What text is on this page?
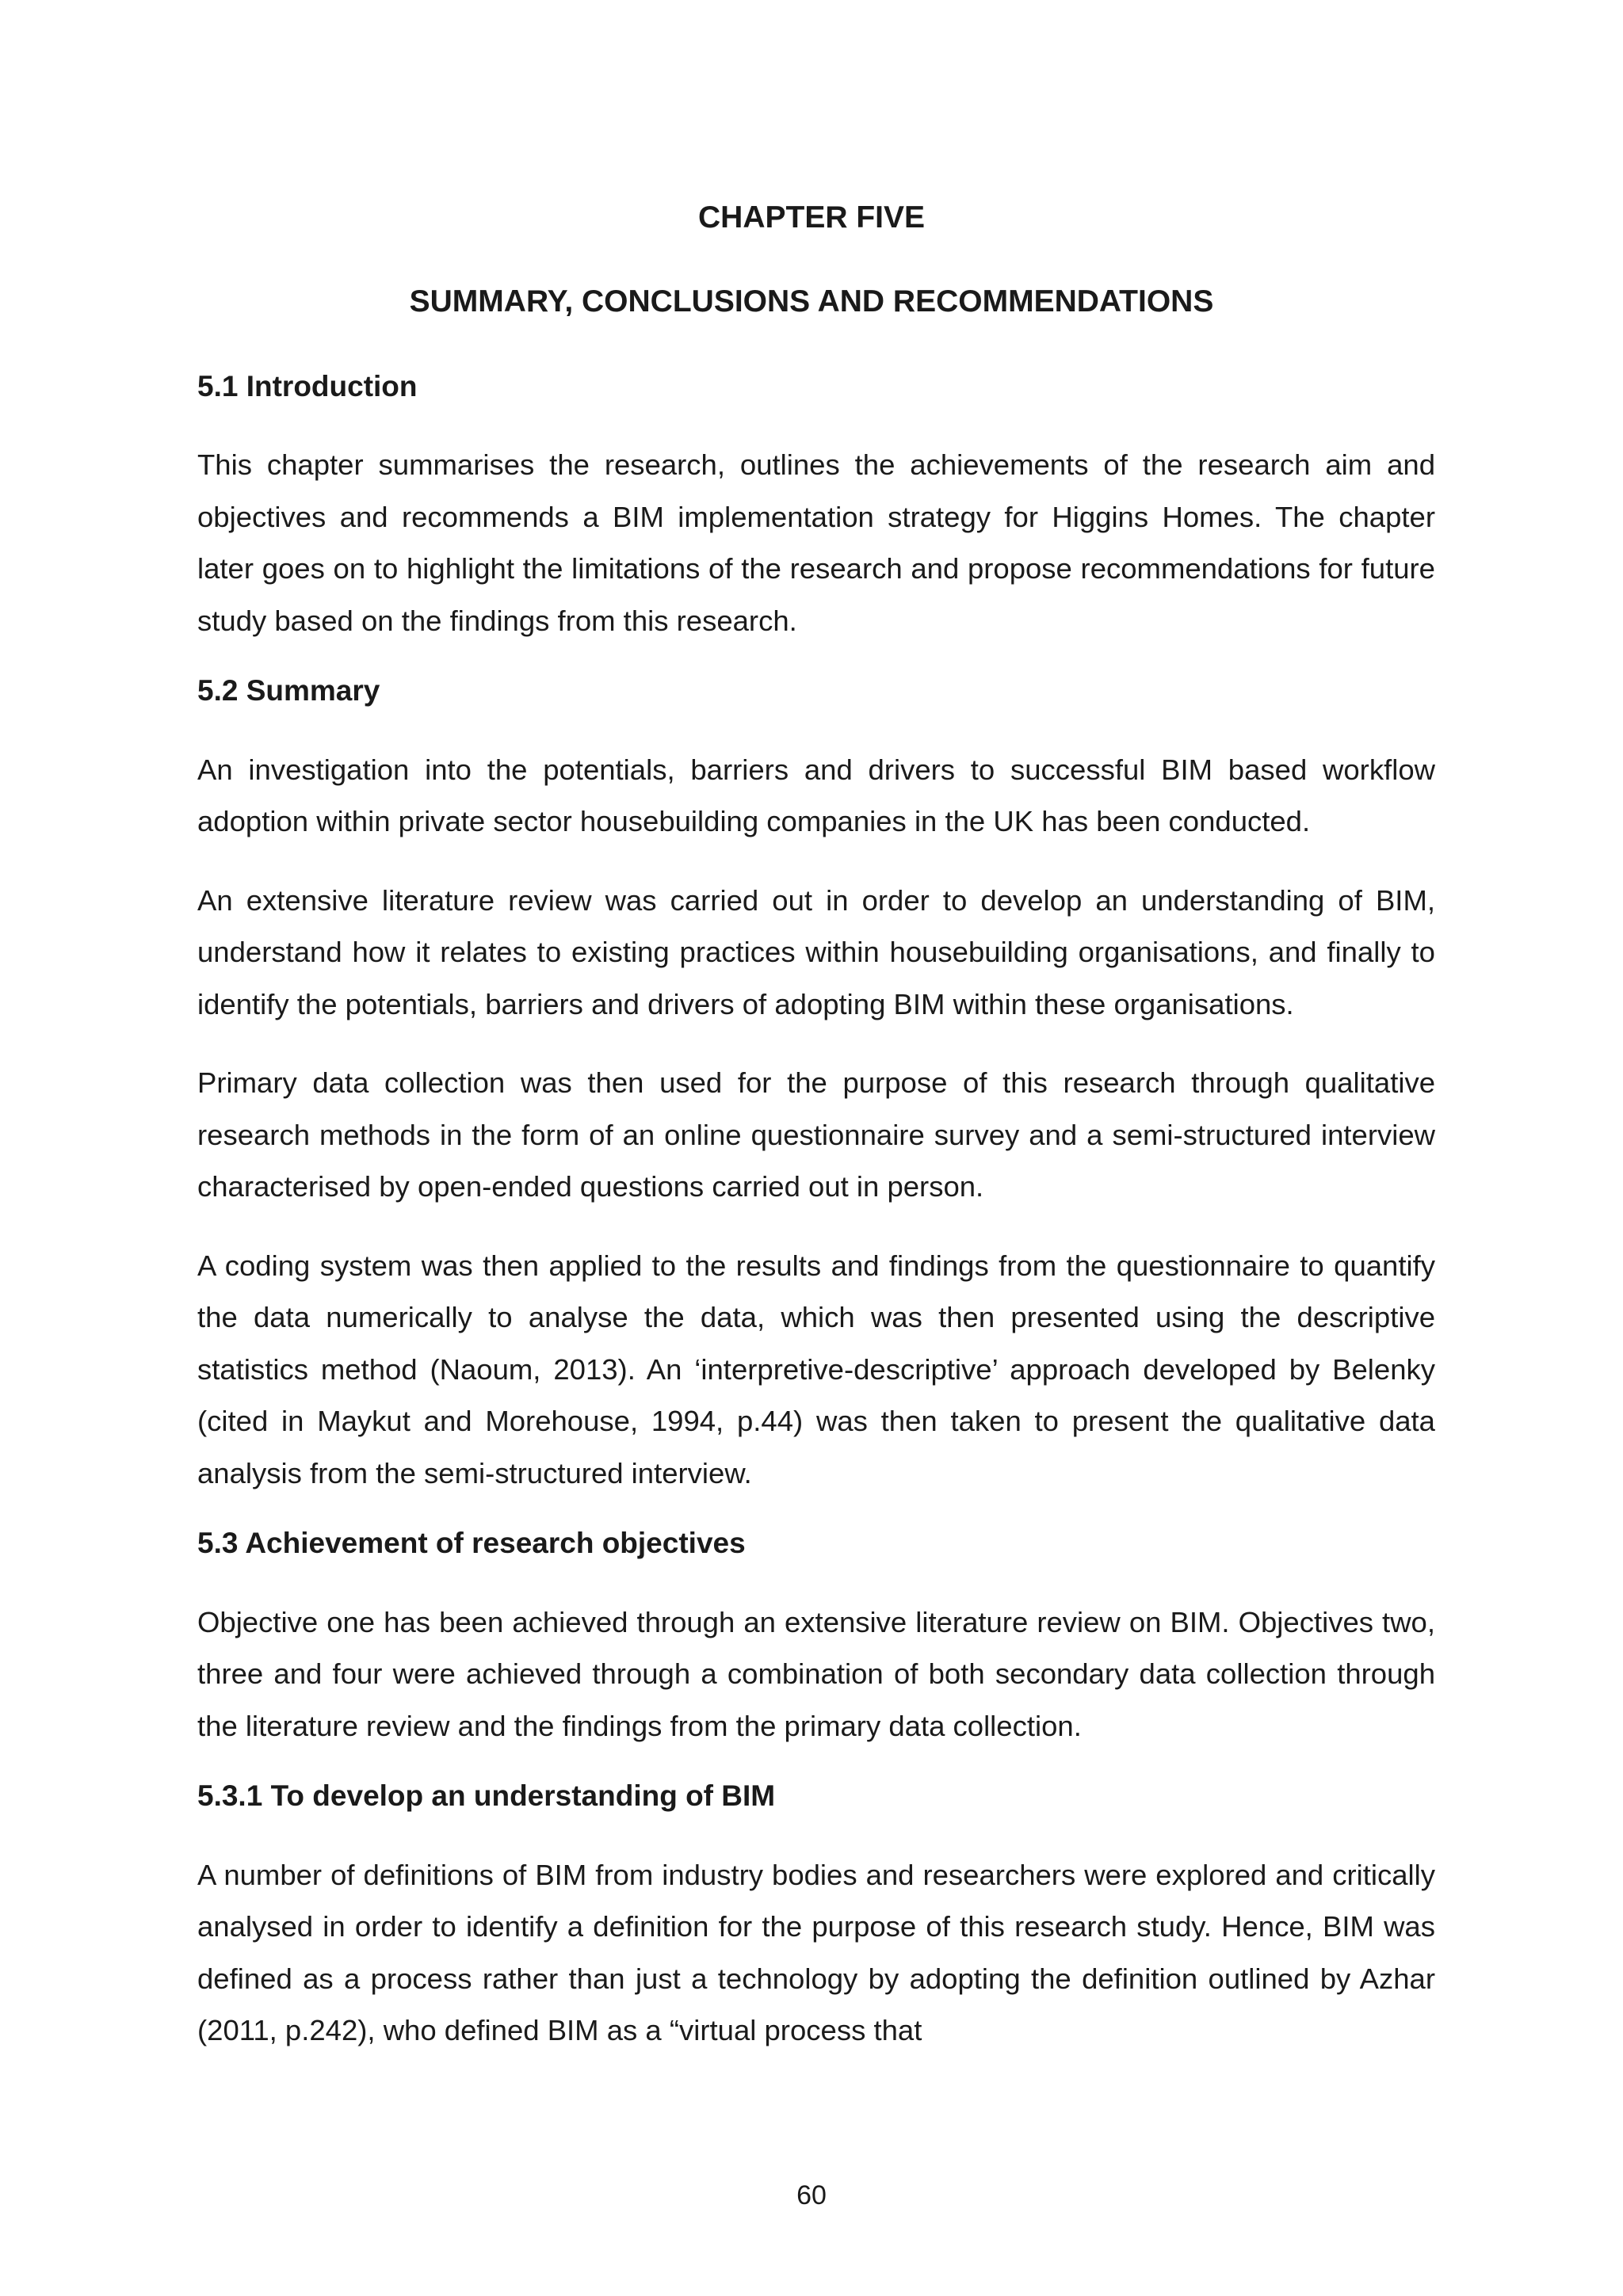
CHAPTER FIVE
SUMMARY, CONCLUSIONS AND RECOMMENDATIONS
5.1 Introduction

This chapter summarises the research, outlines the achievements of the research aim and objectives and recommends a BIM implementation strategy for Higgins Homes. The chapter later goes on to highlight the limitations of the research and propose recommendations for future study based on the findings from this research.

5.2 Summary

An investigation into the potentials, barriers and drivers to successful BIM based workflow adoption within private sector housebuilding companies in the UK has been conducted.

An extensive literature review was carried out in order to develop an understanding of BIM, understand how it relates to existing practices within housebuilding organisations, and finally to identify the potentials, barriers and drivers of adopting BIM within these organisations.

Primary data collection was then used for the purpose of this research through qualitative research methods in the form of an online questionnaire survey and a semi-structured interview characterised by open-ended questions carried out in person.

A coding system was then applied to the results and findings from the questionnaire to quantify the data numerically to analyse the data, which was then presented using the descriptive statistics method (Naoum, 2013). An ‘interpretive-descriptive’ approach developed by Belenky (cited in Maykut and Morehouse, 1994, p.44) was then taken to present the qualitative data analysis from the semi-structured interview.

5.3 Achievement of research objectives

Objective one has been achieved through an extensive literature review on BIM. Objectives two, three and four were achieved through a combination of both secondary data collection through the literature review and the findings from the primary data collection.

5.3.1 To develop an understanding of BIM

A number of definitions of BIM from industry bodies and researchers were explored and critically analysed in order to identify a definition for the purpose of this research study. Hence, BIM was defined as a process rather than just a technology by adopting the definition outlined by Azhar (2011, p.242), who defined BIM as a “virtual process that

60
